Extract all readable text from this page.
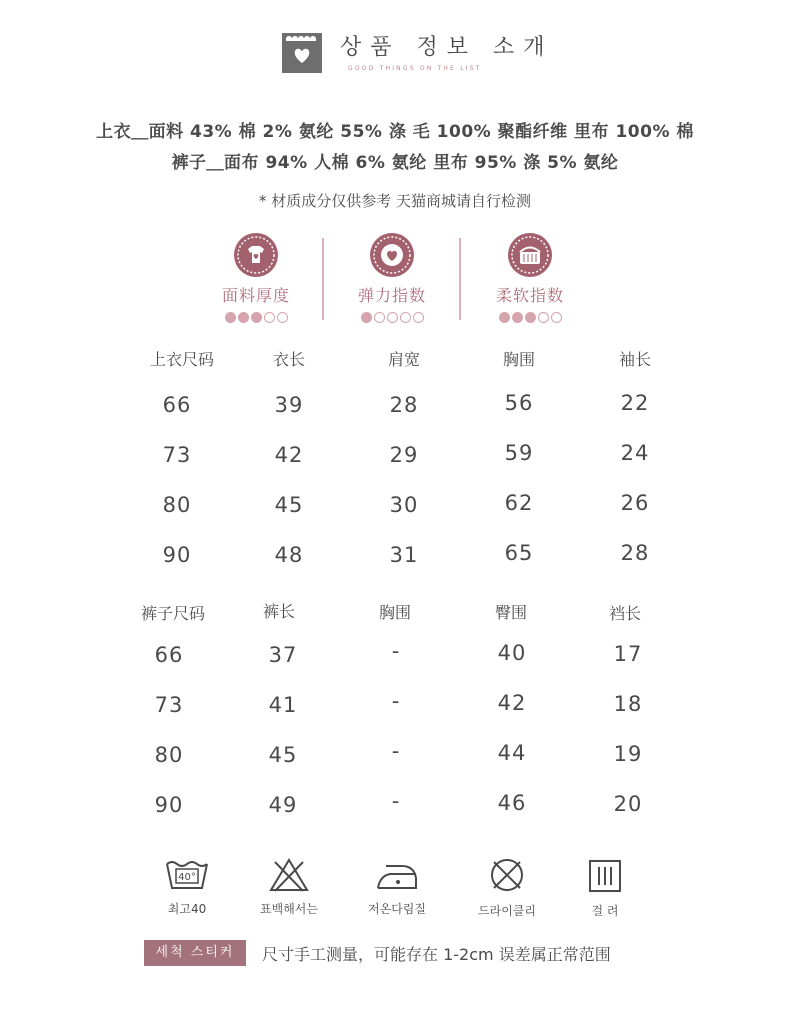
상품 정보 소개
GOOD THINGS ON THE LIST
上衣＿面料 43% 棉 2% 氨纶 55% 涤 毛 100% 聚酯纤维 里布 100% 棉
裤子＿面布 94% 人棉 6% 氨纶 里布 95% 涤 5% 氨纶
* 材质成分仅供参考 天猫商城请自行检测
面料厚度	弹力指数	柔软指数
上衣尺码	衣长	肩宽	胸围	袖长
66	39	28	56	22
73	42	29	59	24
80	45	30	62	26
90	48	31	65	28
裤子尺码	裤长	胸围	臀围	裆长
66	37	-	40	17
73	41	-	42	18
80	45	-	44	19
90	49	-	46	20
40°
최고40	표백해서는	저온다림질	드라이클리	걸 려
세척 스티커	尺寸手工测量，可能存在 1-2cm 误差属正常范围
